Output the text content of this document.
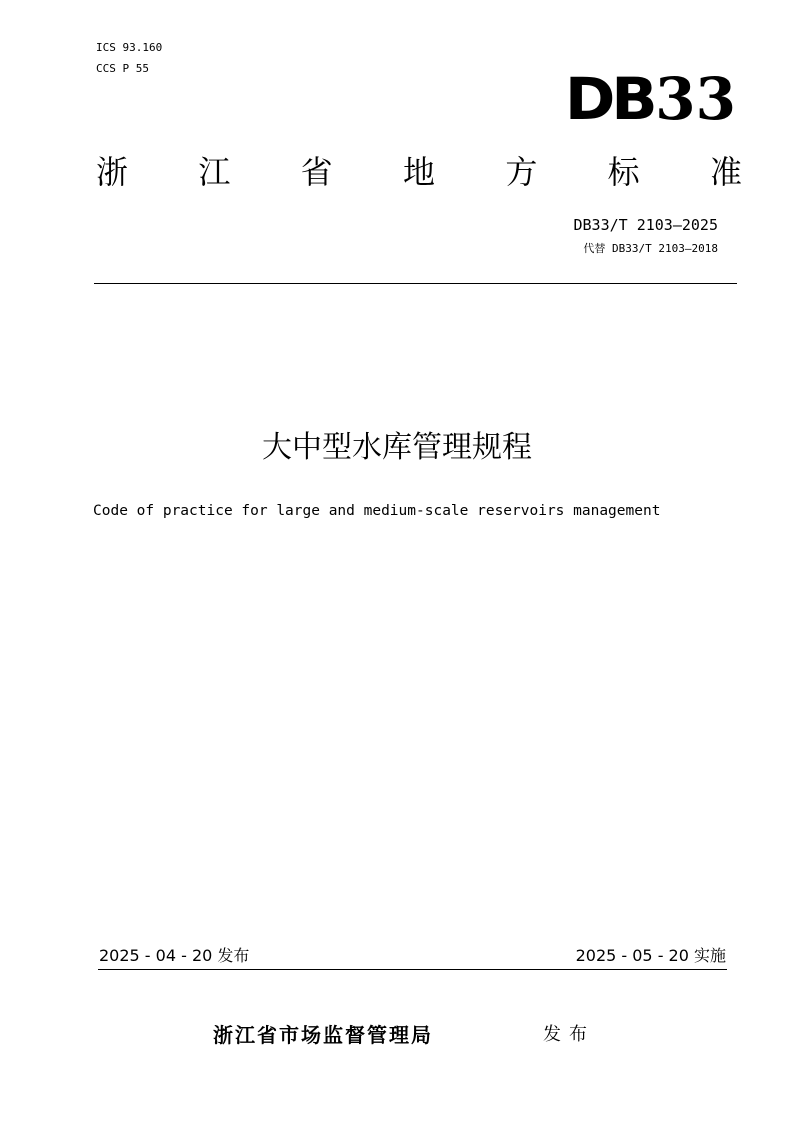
ICS 93.160
CCS P 55	DB 33
浙 江 省 地 方 标 准
DB33/T 2103—2025
代替 DB33/T 2103—2018
大中型水库管理规程
Code of practice for large and medium-scale reservoirs management
2025 - 04 - 20 发布	2025 - 05 - 20 实施
浙江省市场监督管理局	发布
